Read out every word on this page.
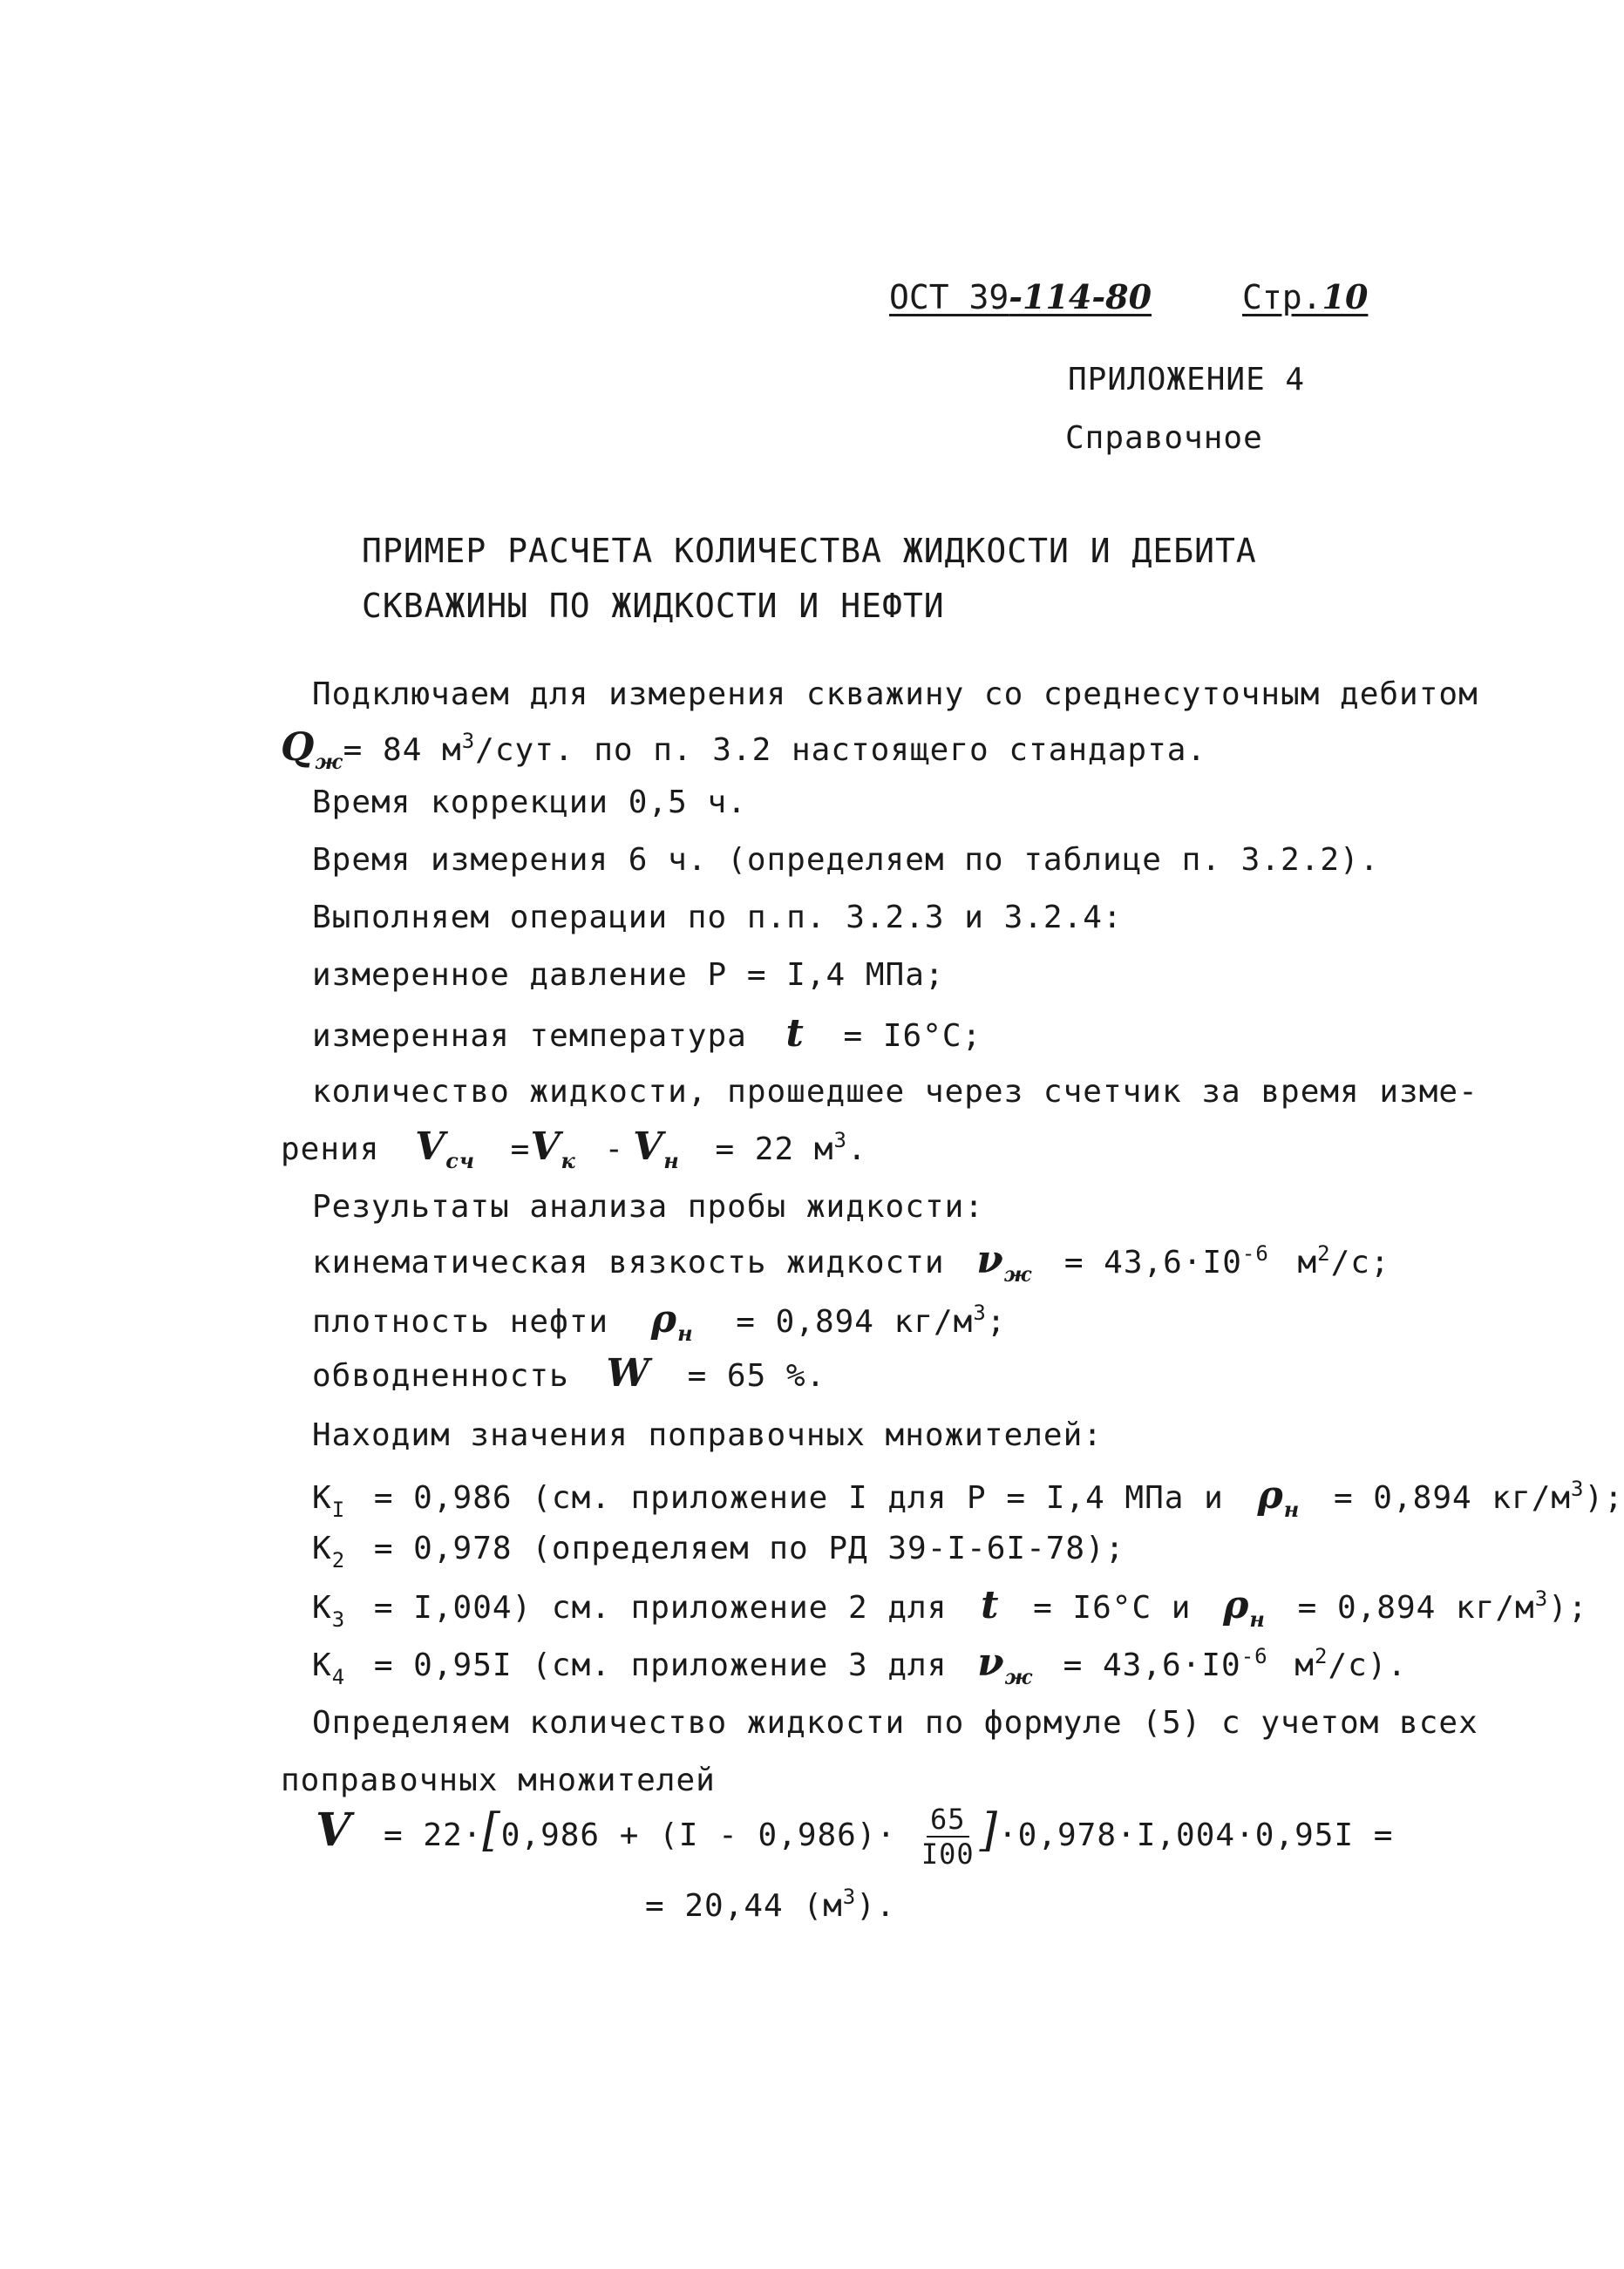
ОСТ 39-114-80	Стр.10
ПРИЛОЖЕНИЕ 4
Справочное
ПРИМЕР РАСЧЕТА КОЛИЧЕСТВА ЖИДКОСТИ И ДЕБИТА
СКВАЖИНЫ ПО ЖИДКОСТИ И НЕФТИ
Подключаем для измерения скважину со среднесуточным дебитом
$Q_ж= 84$ $м^3$/сут. по п. 3.2 настоящего стандарта.
Время коррекции 0,5 ч.
Время измерения 6 ч. (определяем по таблице п. 3.2.2).
Выполняем операции по п.п. 3.2.3 и 3.2.4:
измеренное давление Р = I,4 МПа;
измеренная температура t = I6°С;
количество жидкости, прошедшее через счетчик за время изме-
рения $V_{сч} =V_к - V_н = 22$ $м^3$.
Результаты анализа пробы жидкости:
кинематическая вязкость жидкости $\nu_ж = 43,6\cdot I0^{-6}$ $м^2/с$;
плотность нефти $\rho_н = 0,894$ $кг/м^3$;
обводненность W = 65 %.
Находим значения поправочных множителей:
$К_I = 0,986$ (см. приложение I для Р = I,4 МПа и $\rho_н = 0,894$ $кг/м^3$);
$К_2 = 0,978$ (определяем по РД 39-I-6I-78);
$К_3 = I,004$) см. приложение 2 для t = I6°С и $\rho_н = 0,894$ $кг/м^3$);
$К_4 = 0,95I$ (см. приложение 3 для $\nu_ж = 43,6\cdot I0^{-6}$ $м^2/с$).
Определяем количество жидкости по формуле (5) с учетом всех
поправочных множителей
$V = 22\cdot[0,986 + (I - 0,986)\cdot \frac{65}{I00} ]\cdot 0,978\cdot I,004\cdot 0,95I$ =
= 20,44 $(м^3)$.
